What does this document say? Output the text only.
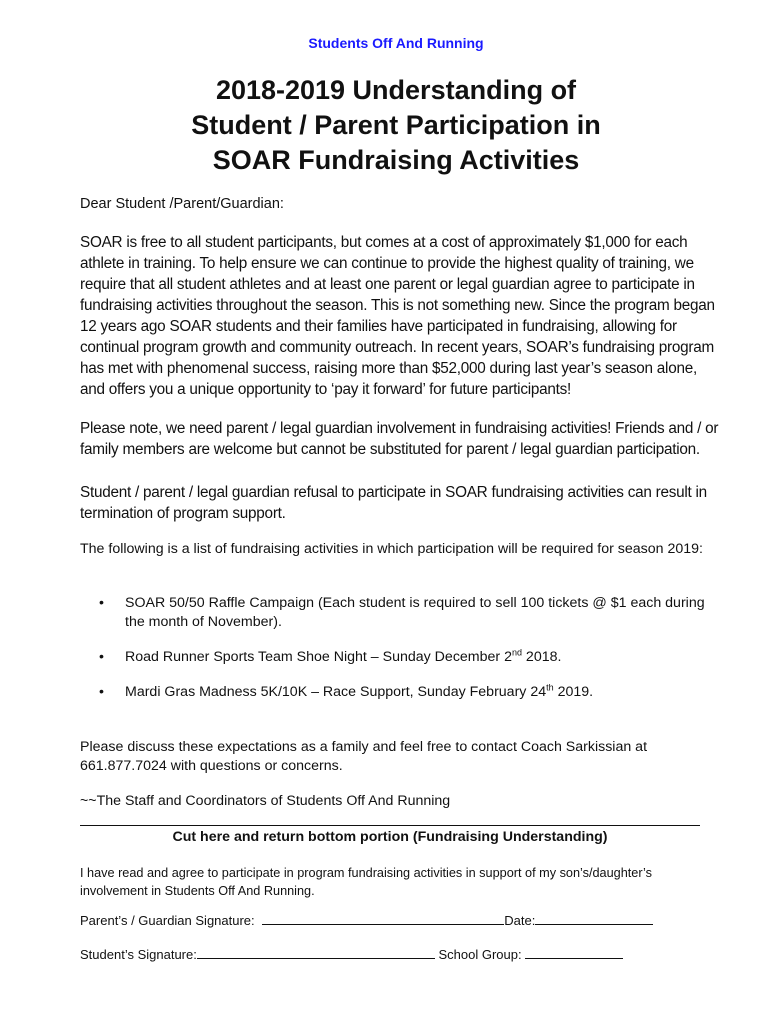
Students Off And Running
2018-2019 Understanding of
Student / Parent Participation in
SOAR Fundraising Activities
Dear Student /Parent/Guardian:
SOAR is free to all student participants, but comes at a cost of approximately $1,000 for each athlete in training. To help ensure we can continue to provide the highest quality of training, we require that all student athletes and at least one parent or legal guardian agree to participate in fundraising activities throughout the season. This is not something new. Since the program began 12 years ago SOAR students and their families have participated in fundraising, allowing for continual program growth and community outreach. In recent years, SOAR’s fundraising program has met with phenomenal success, raising more than $52,000 during last year’s season alone, and offers you a unique opportunity to ‘pay it forward’ for future participants!
Please note, we need parent / legal guardian involvement in fundraising activities! Friends and / or family members are welcome but cannot be substituted for parent / legal guardian participation.
Student / parent / legal guardian refusal to participate in SOAR fundraising activities can result in termination of program support.
The following is a list of fundraising activities in which participation will be required for season 2019:
• SOAR 50/50 Raffle Campaign (Each student is required to sell 100 tickets @ $1 each during the month of November).
• Road Runner Sports Team Shoe Night – Sunday December 2nd 2018.
• Mardi Gras Madness 5K/10K – Race Support, Sunday February 24th 2019.
Please discuss these expectations as a family and feel free to contact Coach Sarkissian at 661.877.7024 with questions or concerns.
~~The Staff and Coordinators of Students Off And Running
Cut here and return bottom portion (Fundraising Understanding)
I have read and agree to participate in program fundraising activities in support of my son’s/daughter’s involvement in Students Off And Running.
Parent’s / Guardian Signature:	Date:
Student’s Signature:	School Group:
